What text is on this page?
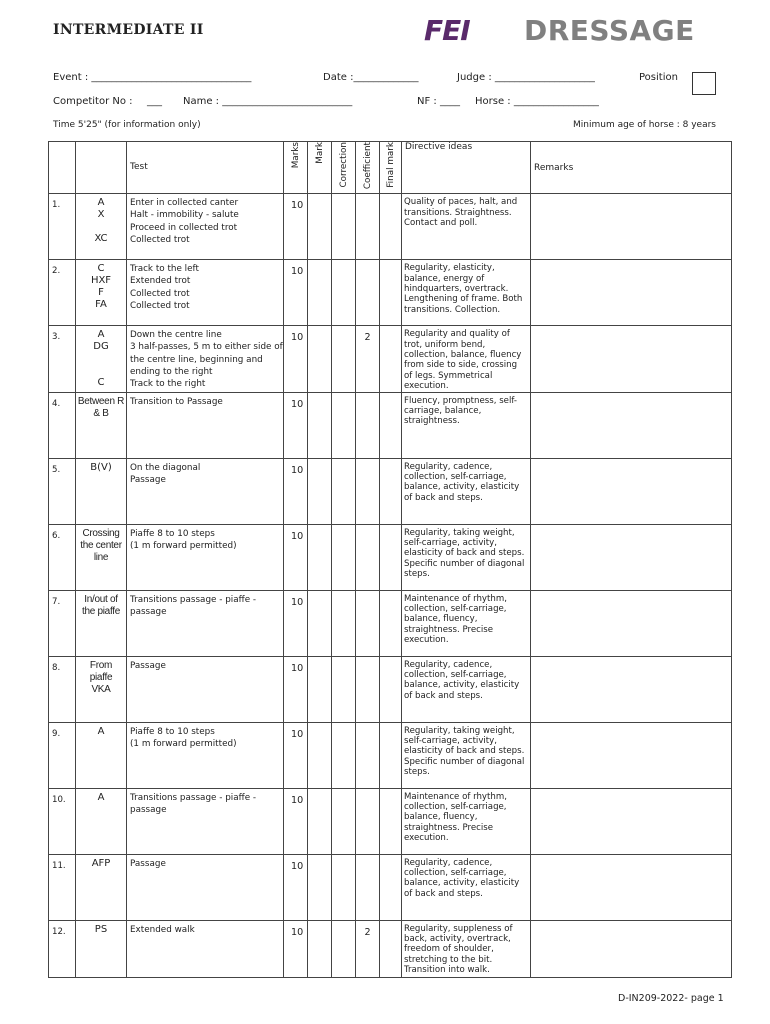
INTERMEDIATE II	FEI DRESSAGE
Event : ________________________________	Date :_____________	Judge : ____________________	Position
Competitor No : ___ Name : __________________________	NF : ____ Horse : _________________
Time 5'25" (for information only)	Minimum age of horse : 8 years
		Test	Marks	Mark	Correction	Coefficient	Final mark	Directive ideas	Remarks
1.	A
X

XC	Enter in collected canter
Halt - immobility - salute
Proceed in collected trot
Collected trot	10					Quality of paces, halt, and transitions. Straightness. Contact and poll.	
2.	C
HXF
F
FA	Track to the left
Extended trot
Collected trot
Collected trot	10					Regularity, elasticity, balance, energy of hindquarters, overtrack. Lengthening of frame. Both transitions. Collection.	
3.	A
DG

C	Down the centre line
3 half-passes, 5 m to either side of the centre line, beginning and ending to the right
Track to the right	10			2		Regularity and quality of trot, uniform bend, collection, balance, fluency from side to side, crossing of legs. Symmetrical execution.	
4.	Between R & B	Transition to Passage	10					Fluency, promptness, self-carriage, balance, straightness.	
5.	B(V)	On the diagonal
Passage	10					Regularity, cadence, collection, self-carriage, balance, activity, elasticity of back and steps.	
6.	Crossing
the center
line	Piaffe 8 to 10 steps
(1 m forward permitted)	10					Regularity, taking weight, self-carriage, activity, elasticity of back and steps. Specific number of diagonal steps.	
7.	In/out of
the piaffe	Transitions passage - piaffe - passage	10					Maintenance of rhythm, collection, self-carriage, balance, fluency, straightness. Precise execution.	
8.	From
piaffe
VKA	Passage	10					Regularity, cadence, collection, self-carriage, balance, activity, elasticity of back and steps.	
9.	A	Piaffe 8 to 10 steps
(1 m forward permitted)	10					Regularity, taking weight, self-carriage, activity, elasticity of back and steps. Specific number of diagonal steps.	
10.	A	Transitions passage - piaffe - passage	10					Maintenance of rhythm, collection, self-carriage, balance, fluency, straightness. Precise execution.	
11.	AFP	Passage	10					Regularity, cadence, collection, self-carriage, balance, activity, elasticity of back and steps.	
12.	PS	Extended walk	10			2		Regularity, suppleness of back, activity, overtrack, freedom of shoulder, stretching to the bit. Transition into walk.	
D-IN209-2022- page 1
